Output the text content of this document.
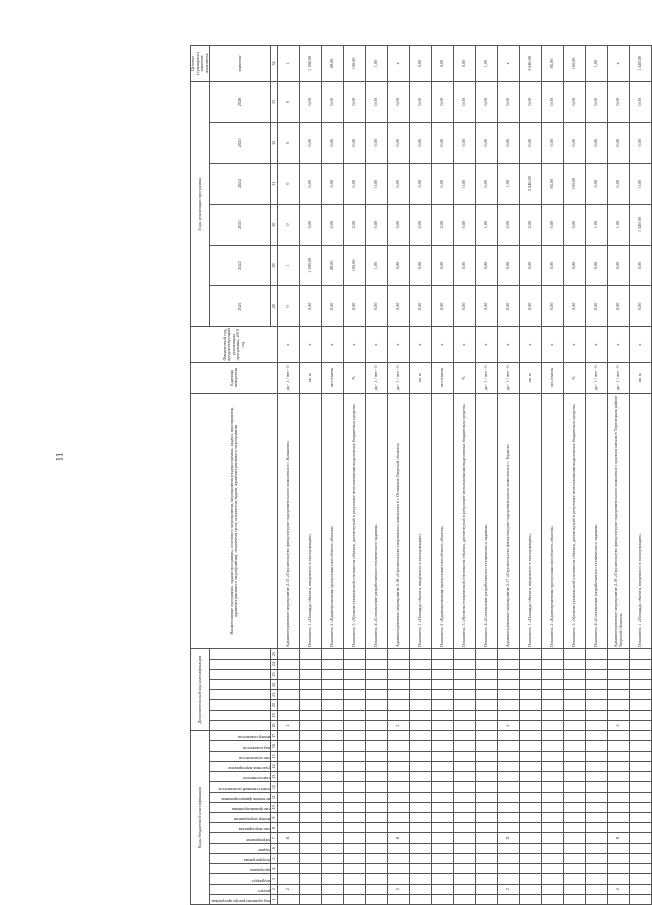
11
Коды бюджетной классификации																	Дополнительный код классификации								Наименование программы, задачи программы, основного мероприятия, мероприятия (подпрограммы, задачи, мероприятия, административного мероприятия), показателя цели, показателя задачи, административного мероприятия	Единица измерения	Финансовый год, предшествующий реализации программы, 2019 год	Годы реализации программы						Целевое (суммарное) значение показателя

код администратора программы	раздел	подраздел	программа	подпрограмма	задача	мероприятие	тип мероприятия	номер мероприятия	тип финансирования	источник финансирования	ответственный исполнитель	соисполнитель	участник мероприятия	тип исполнителя	код показателя	номер показателя												2021	2022	2023	2024	2025	2026	значение
1	2	3	4	5	6	7	8	9	10	11	12	13	14	15	16	17	18	19	20	21	22	23	24	25				28	29	30	31	32	33	34
	2					X											2								Административное мероприятие 2.15 «Строительство физкультурно-оздоровительного комплекса в г. Конаково»	да - 1 / нет - 0	х	0	1	0	0	0	0	1
																									Показатель 1 «Площадь объекта, введенного в эксплуатацию»	кв. м	х	0,00	1 188,00	0,00	0,00	0,00	0,00	1 188,00
																									Показатель 2 «Единовременная пропускная способность объекта»	чел./смена	х	0,00	49,00	0,00	0,00	0,00	0,00	49,00
																									Показатель 3 «Уровень технической готовности объекта, достигнутый в результате использования выделенных бюджетных средств»	%	х	0,00	100,00	0,00	0,00	0,00	0,00	100,00
																									Показатель 4 «Составление разработанного технического задания»	да - 1 / нет - 0	х	0,00	1,00	0,00	0,00	0,00	0,00	1,00
	2					X											2								Административное мероприятие 2.16 «Строительство спортивного комплекса в г. Осташков Тверской области»	да - 1 / нет - 0	х	0,00	0,00	0,00	0,00	0,00	0,00	х
																									Показатель 1 «Площадь объекта, введенного в эксплуатацию»	кв. м	х	0,00	0,00	0,00	0,00	0,00	0,00	0,00
																									Показатель 2 «Единовременная пропускная способность объекта»	чел./смена	х	0,00	0,00	0,00	0,00	0,00	0,00	0,00
																									Показатель 3 «Уровень технической готовности объекта, достигнутый в результате использования выделенных бюджетных средств»	%	х	0,00	0,00	0,00	0,00	0,00	0,00	0,00
																									Показатель 4 «Составление разработанного технического задания»	да - 1 / нет - 0	х	0,00	0,00	1,00	0,00	0,00	0,00	1,00
	2					X											2								Административное мероприятие 2.17 «Строительство физкультурно-оздоровительного комплекса в г. Торжок»	да - 1 / нет - 0	х	0,00	0,00	0,00	1,00	0,00	0,00	х
																									Показатель 1 «Площадь объекта, введенного в эксплуатацию»	кв. м	х	0,00	0,00	0,00	3 040,00	0,00	0,00	3 040,00
																									Показатель 2 «Единовременная пропускная способность объекта»	чел./смена	х	0,00	0,00	0,00	85,00	0,00	0,00	85,00
																									Показатель 3 «Уровень технической готовности объекта, достигнутый в результате использования выделенных бюджетных средств»	%	х	0,00	0,00	0,00	100,00	0,00	0,00	100,00
																									Показатель 4 «Составление разработанного технического задания»	да - 1 / нет - 0	х	0,00	0,00	1,00	0,00	0,00	0,00	1,00
	2					X											2								Административное мероприятие 2.18 «Строительство физкультурно-оздоровительного комплекса с крытым катком в Торопецком районе Тверской области»	да - 1 / нет - 0	х	0,00	0,00	1,00	0,00	0,00	0,00	х
																									Показатель 1 «Площадь объекта, введенного в эксплуатацию»	кв. м	х	0,00	0,00	1 549,00	0,00	0,00	0,00	1 549,00
